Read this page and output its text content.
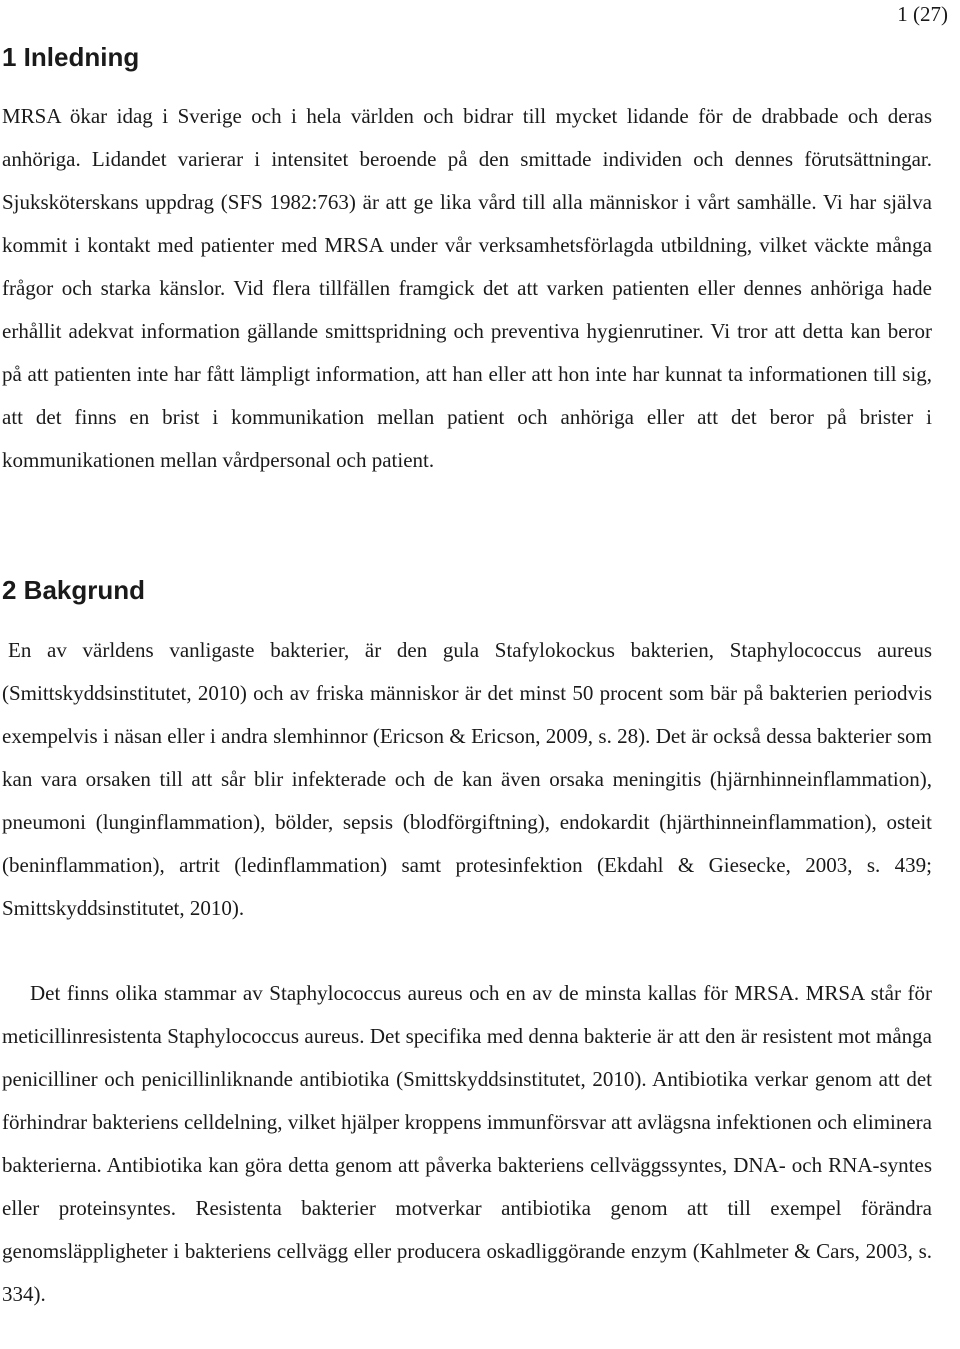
1 (27)
1 Inledning

MRSA ökar idag i Sverige och i hela världen och bidrar till mycket lidande för de drabbade och deras anhöriga. Lidandet varierar i intensitet beroende på den smittade individen och dennes förutsättningar. Sjuksköterskans uppdrag (SFS 1982:763) är att ge lika vård till alla människor i vårt samhälle. Vi har själva kommit i kontakt med patienter med MRSA under vår verksamhetsförlagda utbildning, vilket väckte många frågor och starka känslor. Vid flera tillfällen framgick det att varken patienten eller dennes anhöriga hade erhållit adekvat information gällande smittspridning och preventiva hygienrutiner. Vi tror att detta kan beror på att patienten inte har fått lämpligt information, att han eller att hon inte har kunnat ta informationen till sig, att det finns en brist i kommunikation mellan patient och anhöriga eller att det beror på brister i kommunikationen mellan vårdpersonal och patient.

2 Bakgrund

En av världens vanligaste bakterier, är den gula Stafylokockus bakterien, Staphylococcus aureus (Smittskyddsinstitutet, 2010) och av friska människor är det minst 50 procent som bär på bakterien periodvis exempelvis i näsan eller i andra slemhinnor (Ericson & Ericson, 2009, s. 28). Det är också dessa bakterier som kan vara orsaken till att sår blir infekterade och de kan även orsaka meningitis (hjärnhinneinflammation), pneumoni (lunginflammation), bölder, sepsis (blodförgiftning), endokardit (hjärthinneinflammation), osteit (beninflammation), artrit (ledinflammation) samt protesinfektion (Ekdahl & Giesecke, 2003, s. 439; Smittskyddsinstitutet, 2010).

Det finns olika stammar av Staphylococcus aureus och en av de minsta kallas för MRSA. MRSA står för meticillinresistenta Staphylococcus aureus. Det specifika med denna bakterie är att den är resistent mot många penicilliner och penicillinliknande antibiotika (Smittskyddsinstitutet, 2010). Antibiotika verkar genom att det förhindrar bakteriens celldelning, vilket hjälper kroppens immunförsvar att avlägsna infektionen och eliminera bakterierna. Antibiotika kan göra detta genom att påverka bakteriens cellväggssyntes, DNA- och RNA-syntes eller proteinsyntes. Resistenta bakterier motverkar antibiotika genom att till exempel förändra genomsläppligheter i bakteriens cellvägg eller producera oskadliggörande enzym (Kahlmeter & Cars, 2003, s. 334).
